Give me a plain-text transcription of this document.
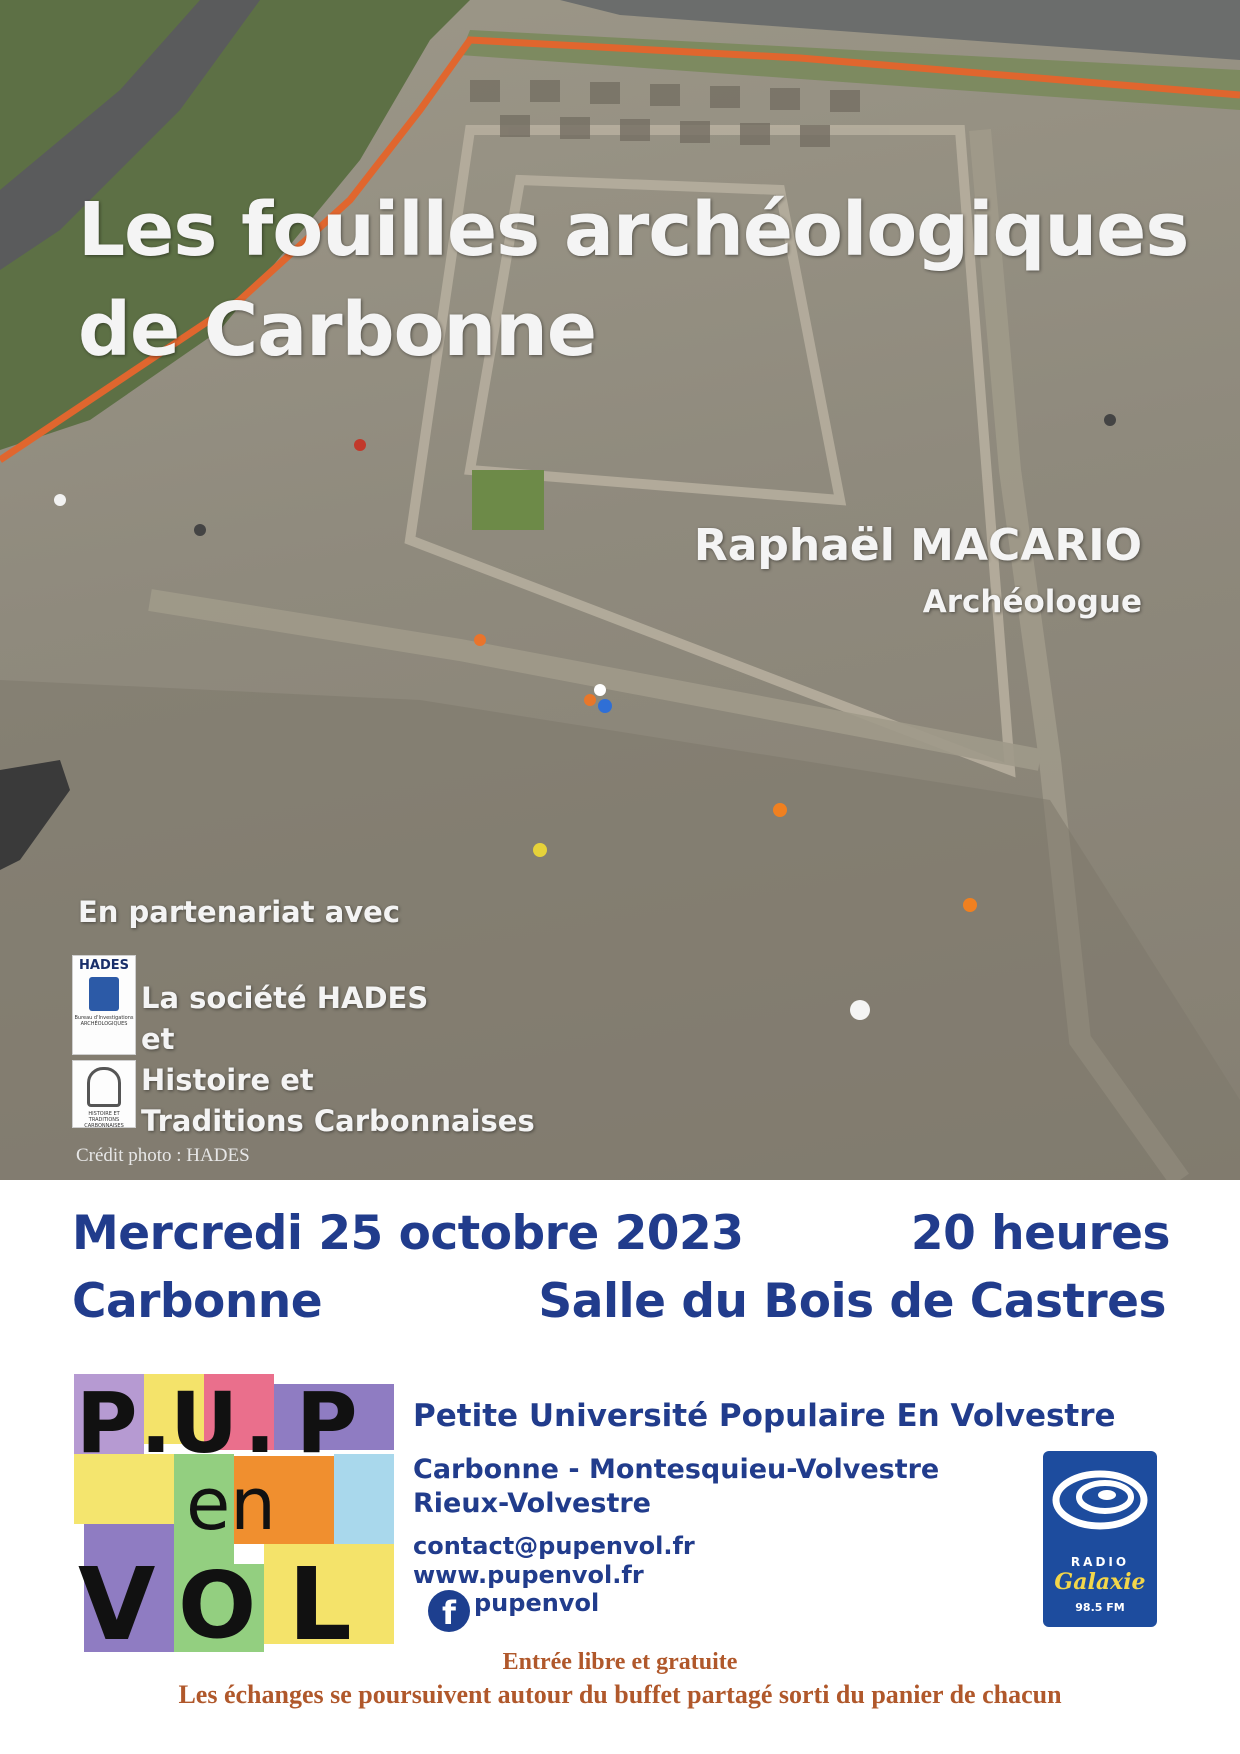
Les fouilles archéologiques
de Carbonne
Raphaël MACARIO
Archéologue
En partenariat avec
HADES
Bureau d'Investigations ARCHÉOLOGIQUES
HISTOIRE ET TRADITIONS CARBONNAISES
La société HADES
et
Histoire et
Traditions Carbonnaises
Crédit photo : HADES
Mercredi 25 octobre 2023	20 heures
Carbonne	Salle du Bois de Castres
P .
U . P
en
V O L
Petite Université Populaire En Volvestre
Carbonne - Montesquieu-Volvestre
Rieux-Volvestre
contact@pupenvol.fr
www.pupenvol.fr
f pupenvol
RADIO
Galaxie
98.5 FM
Entrée libre et gratuite
Les échanges se poursuivent autour du buffet partagé sorti du panier de chacun
